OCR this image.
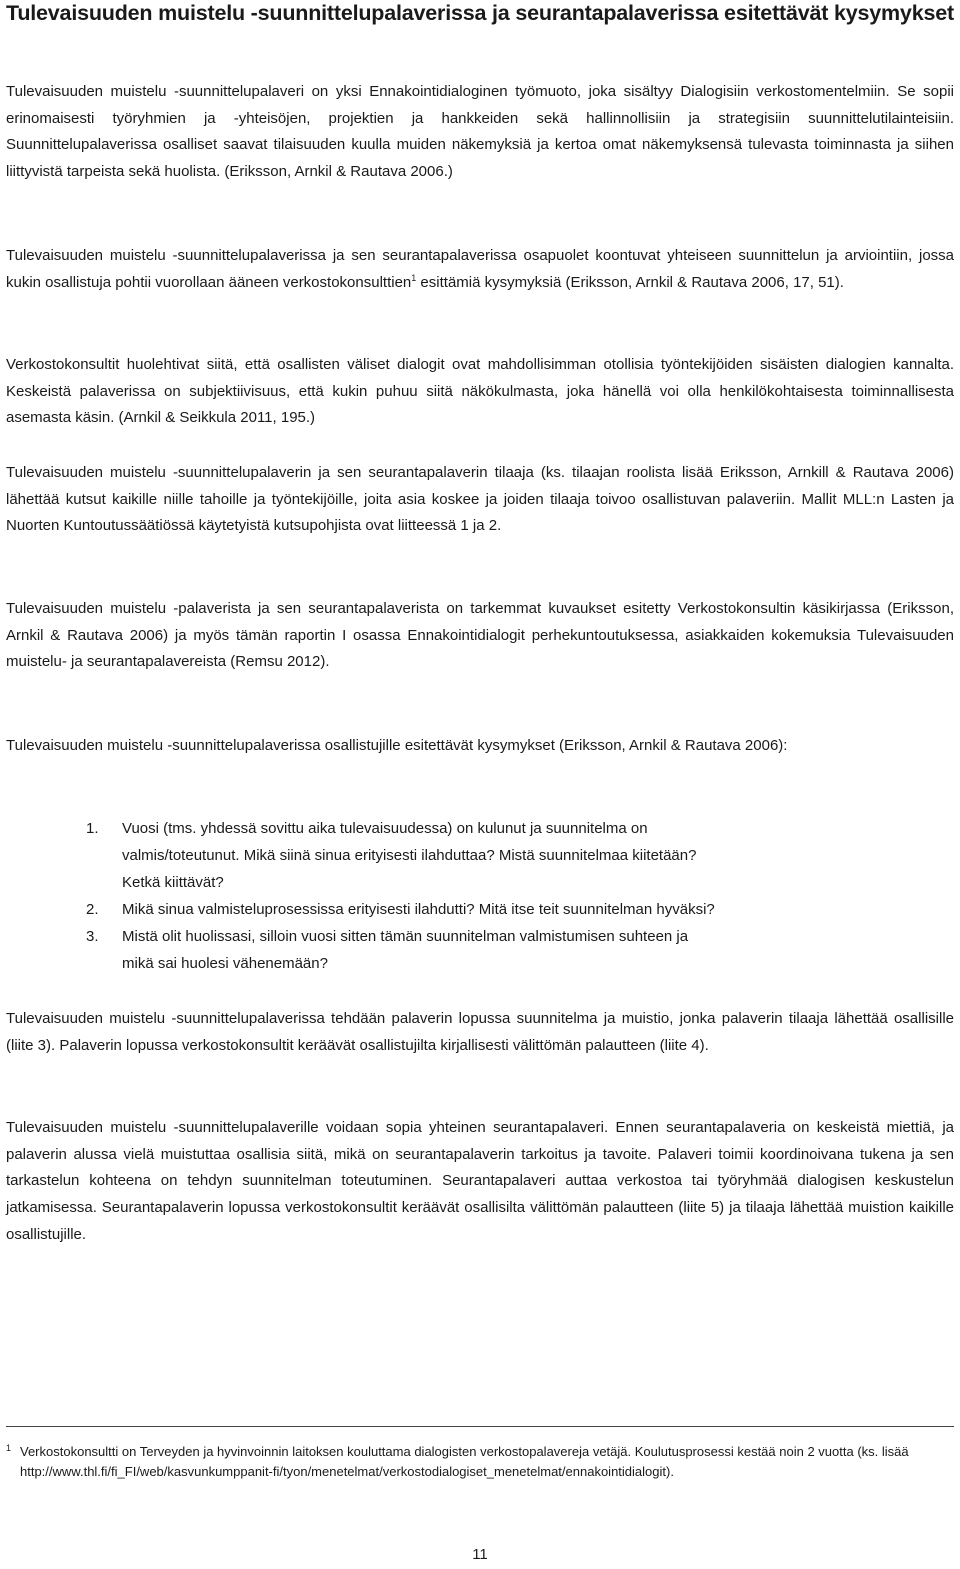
Tulevaisuuden muistelu -suunnittelupalaverissa ja seurantapalaverissa esitettävät kysymykset

Tulevaisuuden muistelu -suunnittelupalaveri on yksi Ennakointidialoginen työmuoto, joka sisältyy Dialogisiin verkostomentelmiin. Se sopii erinomaisesti työryhmien ja -yhteisöjen, projektien ja hankkeiden sekä hallinnollisiin ja strategisiin suunnittelutilainteisiin. Suunnittelupalaverissa osalliset saavat tilaisuuden kuulla muiden näkemyksiä ja kertoa omat näkemyksensä tulevasta toiminnasta ja siihen liittyvistä tarpeista sekä huolista. (Eriksson, Arnkil & Rautava 2006.)

Tulevaisuuden muistelu -suunnittelupalaverissa ja sen seurantapalaverissa osapuolet koontuvat yhteiseen suunnittelun ja arviointiin, jossa kukin osallistuja pohtii vuorollaan ääneen verkostokonsulttien$^1$ esittämiä kysymyksiä (Eriksson, Arnkil & Rautava 2006, 17, 51).

Verkostokonsultit huolehtivat siitä, että osallisten väliset dialogit ovat mahdollisimman otollisia työntekijöiden sisäisten dialogien kannalta. Keskeistä palaverissa on subjektiivisuus, että kukin puhuu siitä näkökulmasta, joka hänellä voi olla henkilökohtaisesta toiminnallisesta asemasta käsin. (Arnkil & Seikkula 2011, 195.)

Tulevaisuuden muistelu -suunnittelupalaverin ja sen seurantapalaverin tilaaja (ks. tilaajan roolista lisää Eriksson, Arnkill & Rautava 2006) lähettää kutsut kaikille niille tahoille ja työntekijöille, joita asia koskee ja joiden tilaaja toivoo osallistuvan palaveriin. Mallit MLL:n Lasten ja Nuorten Kuntoutussäätiössä käytetyistä kutsupohjista ovat liitteessä 1 ja 2.

Tulevaisuuden muistelu -palaverista ja sen seurantapalaverista on tarkemmat kuvaukset esitetty Verkostokonsultin käsikirjassa (Eriksson, Arnkil & Rautava 2006) ja myös tämän raportin I osassa Ennakointidialogit perhekuntoutuksessa, asiakkaiden kokemuksia Tulevaisuuden muistelu- ja seurantapalavereista (Remsu 2012).

Tulevaisuuden muistelu -suunnittelupalaverissa osallistujille esitettävät kysymykset (Eriksson, Arnkil & Rautava 2006):

1. Vuosi (tms. yhdessä sovittu aika tulevaisuudessa) on kulunut ja suunnitelma on
valmis/toteutunut. Mikä siinä sinua erityisesti ilahduttaa? Mistä suunnitelmaa kiitetään?
Ketkä kiittävät?
2. Mikä sinua valmisteluprosessissa erityisesti ilahdutti? Mitä itse teit suunnitelman hyväksi?
3. Mistä olit huolissasi, silloin vuosi sitten tämän suunnitelman valmistumisen suhteen ja
mikä sai huolesi vähenemään?

Tulevaisuuden muistelu -suunnittelupalaverissa tehdään palaverin lopussa suunnitelma ja muistio, jonka palaverin tilaaja lähettää osallisille (liite 3). Palaverin lopussa verkostokonsultit keräävät osallistujilta kirjallisesti välittömän palautteen (liite 4).

Tulevaisuuden muistelu -suunnittelupalaverille voidaan sopia yhteinen seurantapalaveri. Ennen seurantapalaveria on keskeistä miettiä, ja palaverin alussa vielä muistuttaa osallisia siitä, mikä on seurantapalaverin tarkoitus ja tavoite. Palaveri toimii koordinoivana tukena ja sen tarkastelun kohteena on tehdyn suunnitelman toteutuminen. Seurantapalaveri auttaa verkostoa tai työryhmää dialogisen keskustelun jatkamisessa. Seurantapalaverin lopussa verkostokonsultit keräävät osallisilta välittömän palautteen (liite 5) ja tilaaja lähettää muistion kaikille osallistujille.

1 Verkostokonsultti on Terveyden ja hyvinvoinnin laitoksen kouluttama dialogisten verkostopalavereja vetäjä. Koulutusprosessi kestää noin 2 vuotta (ks. lisää http://www.thl.fi/fi_FI/web/kasvunkumppanit-fi/tyon/menetelmat/verkostodialogiset_menetelmat/ennakointidialogit).
11
